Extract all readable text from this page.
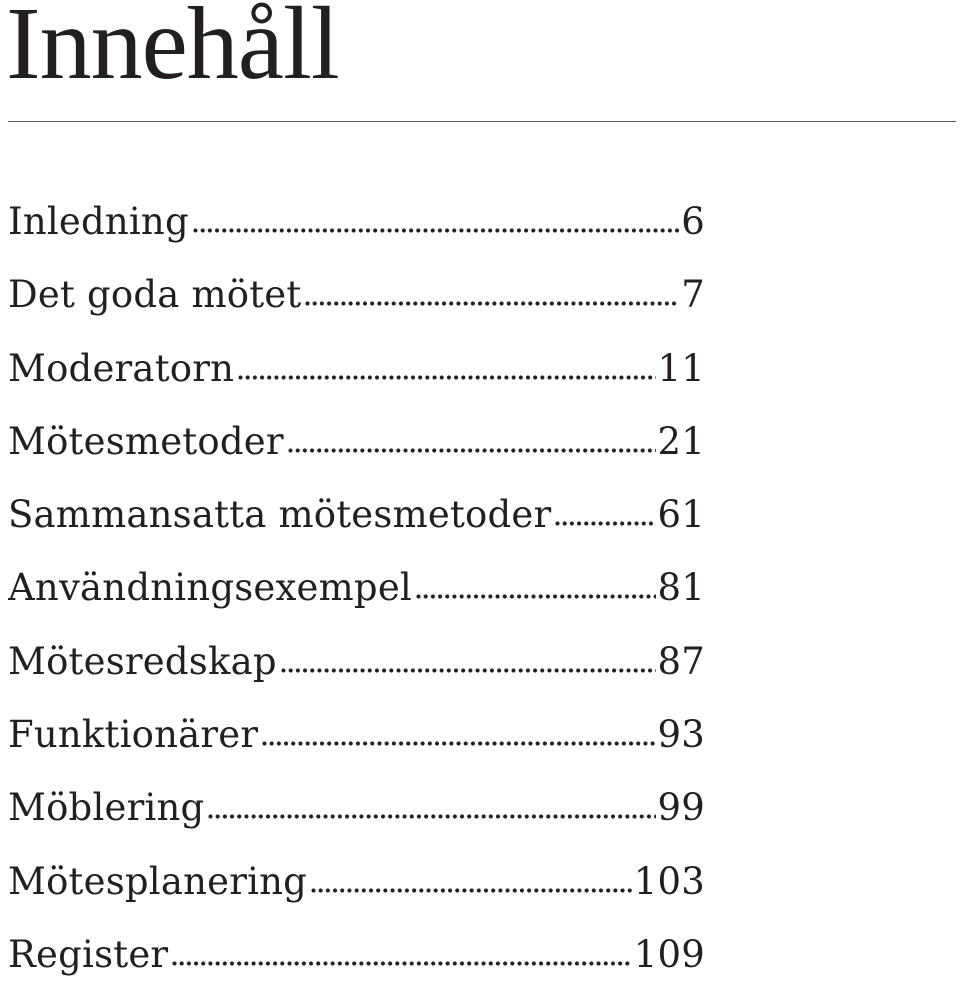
Innehåll
Inledning	6
Det goda mötet	7
Moderatorn	11
Mötesmetoder	21
Sammansatta mötesmetoder	61
Användningsexempel	81
Mötesredskap	87
Funktionärer	93
Möblering	99
Mötesplanering	103
Register	109
